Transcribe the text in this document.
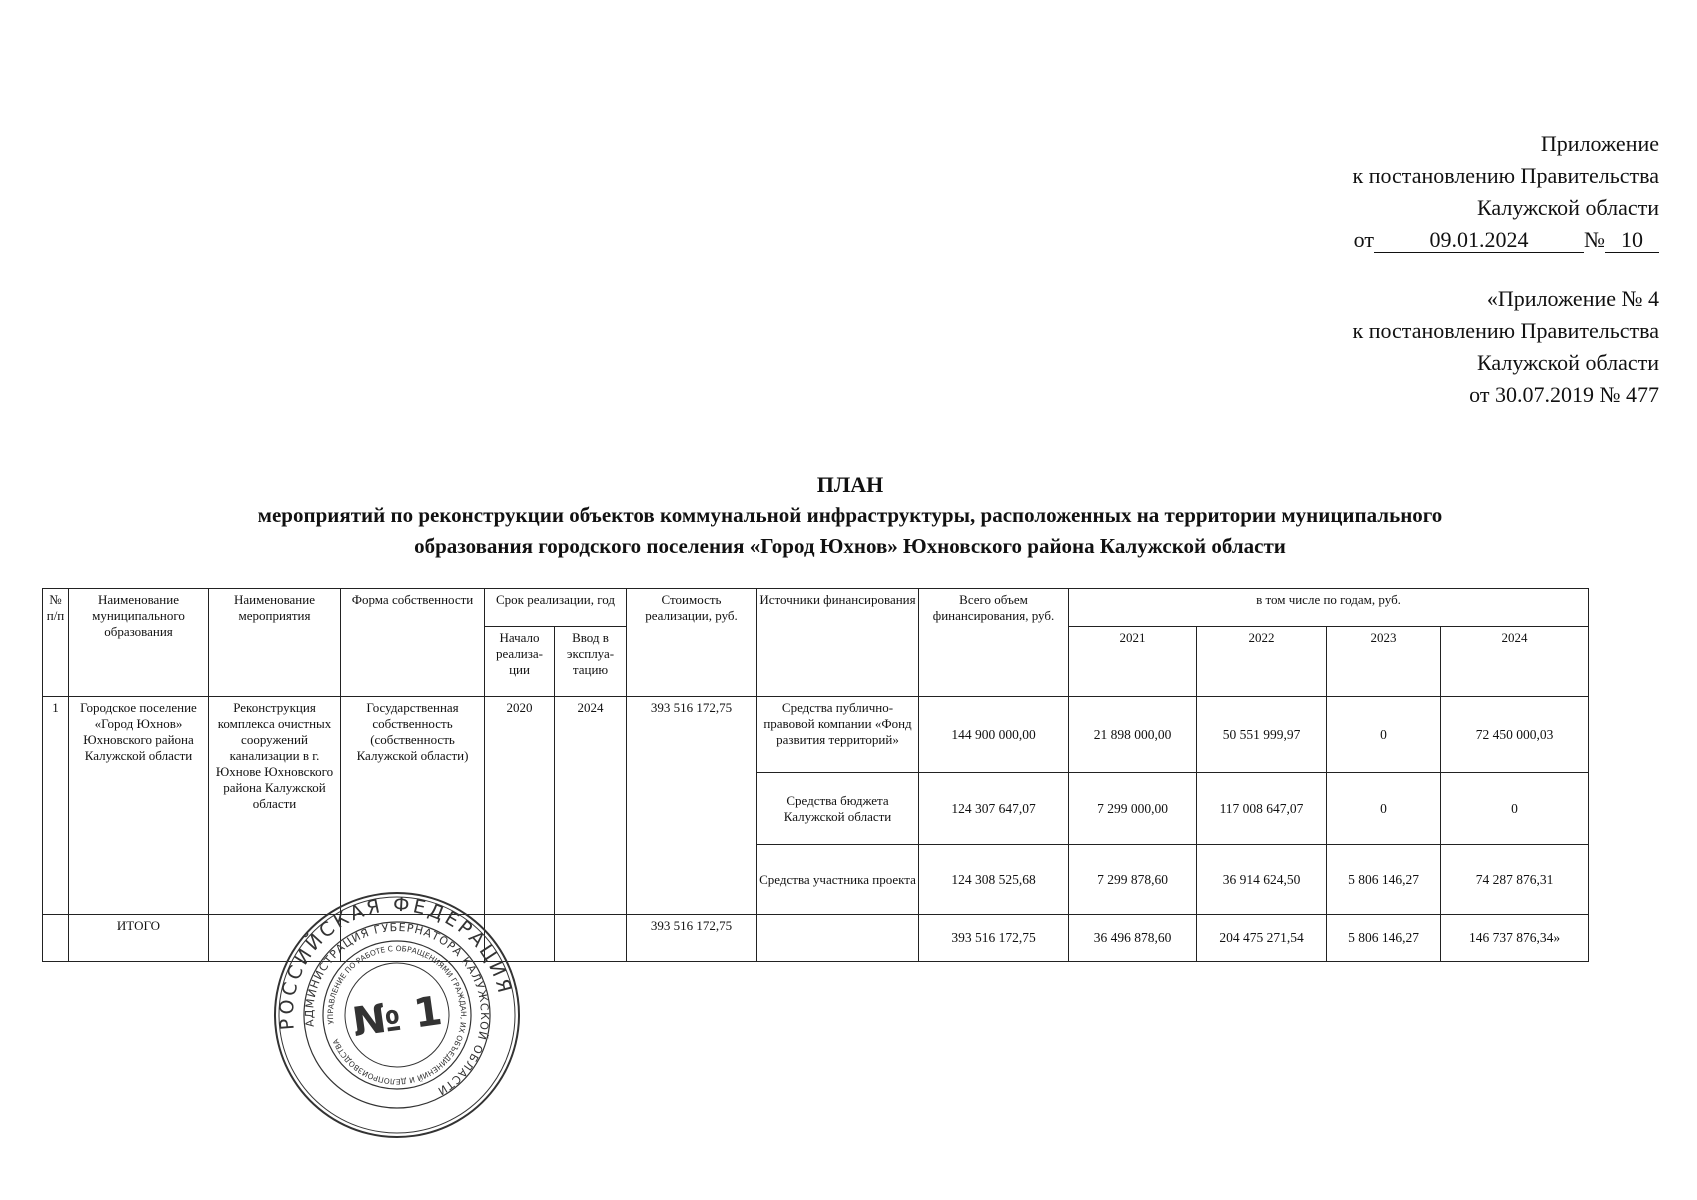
Приложение
к постановлению Правительства
Калужской области
от	09.01.2024	№ 10
«Приложение № 4
к постановлению Правительства
Калужской области
от 30.07.2019 № 477
ПЛАН
мероприятий по реконструкции объектов коммунальной инфраструктуры, расположенных на территории муниципального
образования городского поселения «Город Юхнов» Юхновского района Калужской области
№ п/п	Наименование муниципального образования	Наименование мероприятия	Форма собственности	Срок реализации, год		Стоимость реализации, руб.	Источники финансирования	Всего объем финансирования, руб.	в том числе по годам, руб.			
				Начало реализа-ции	Ввод в эксплуа-тацию				2021	2022	2023	2024
1	Городское поселение «Город Юхнов» Юхновского района Калужской области	Реконструкция комплекса очистных сооружений канализации в г. Юхнове Юхновского района Калужской области	Государственная собственность (собственность Калужской области)	2020	2024	393 516 172,75	Средства публично-правовой компании «Фонд развития территорий»	144 900 000,00	21 898 000,00	50 551 999,97	0	72 450 000,03
							Средства бюджета Калужской области	124 307 647,07	7 299 000,00	117 008 647,07	0	0
							Средства участника проекта	124 308 525,68	7 299 878,60	36 914 624,50	5 806 146,27	74 287 876,31
	ИТОГО					393 516 172,75		393 516 172,75	36 496 878,60	204 475 271,54	5 806 146,27	146 737 876,34»
РОССИЙСКАЯ ФЕДЕРАЦИЯ
АДМИНИСТРАЦИЯ ГУБЕРНАТОРА КАЛУЖСКОЙ ОБЛАСТИ
УПРАВЛЕНИЕ ПО РАБОТЕ С ОБРАЩЕНИЯМИ ГРАЖДАН, ИХ ОБЪЕДИНЕНИЙ И ДЕЛОПРОИЗВОДСТВА № 1
